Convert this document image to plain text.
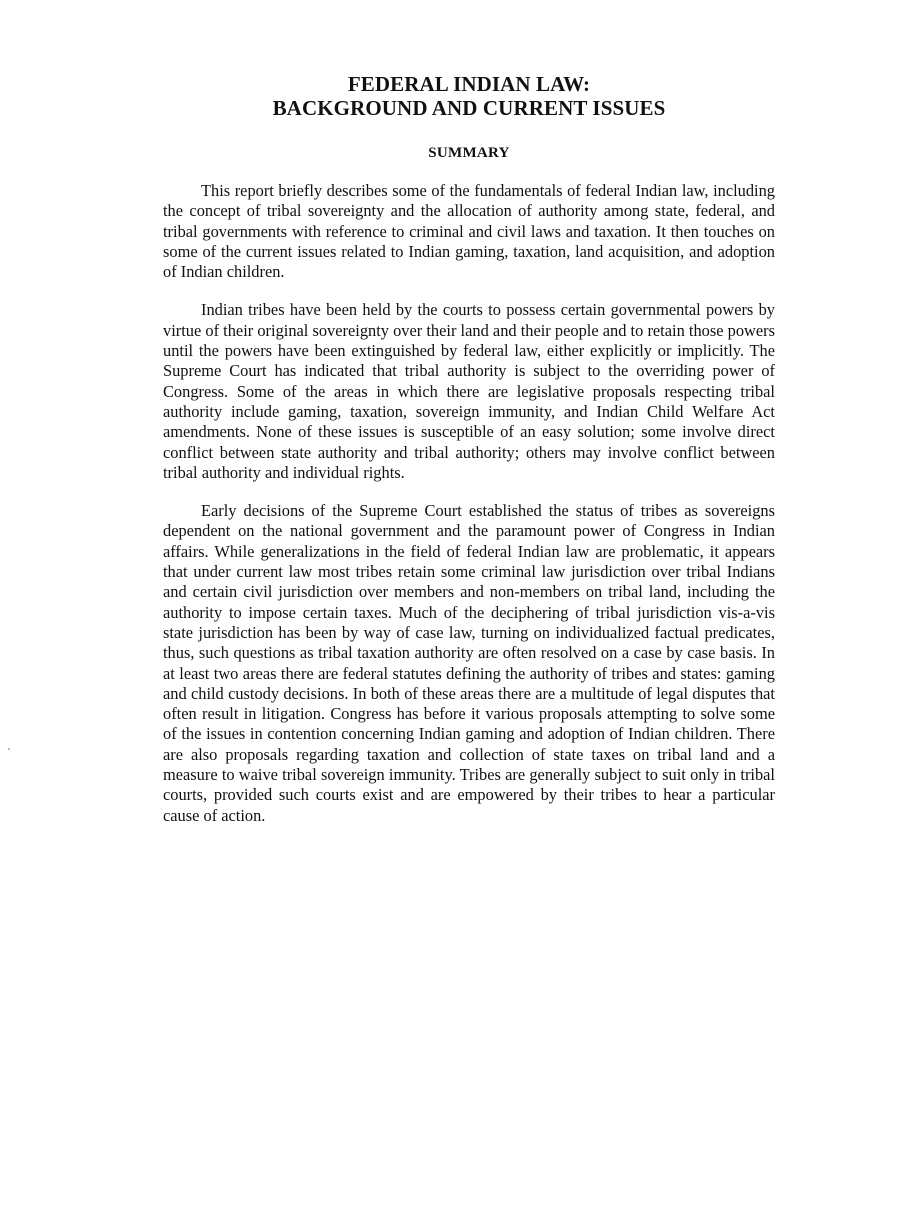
FEDERAL INDIAN LAW:
BACKGROUND AND CURRENT ISSUES
SUMMARY

This report briefly describes some of the fundamentals of federal Indian law, including the concept of tribal sovereignty and the allocation of authority among state, federal, and tribal governments with reference to criminal and civil laws and taxation. It then touches on some of the current issues related to Indian gaming, taxation, land acquisition, and adoption of Indian children.

Indian tribes have been held by the courts to possess certain governmental powers by virtue of their original sovereignty over their land and their people and to retain those powers until the powers have been extinguished by federal law, either explicitly or implicitly. The Supreme Court has indicated that tribal authority is subject to the overriding power of Congress. Some of the areas in which there are legislative proposals respecting tribal authority include gaming, taxation, sovereign immunity, and Indian Child Welfare Act amendments. None of these issues is susceptible of an easy solution; some involve direct conflict between state authority and tribal authority; others may involve conflict between tribal authority and individual rights.

Early decisions of the Supreme Court established the status of tribes as sovereigns dependent on the national government and the paramount power of Congress in Indian affairs. While generalizations in the field of federal Indian law are problematic, it appears that under current law most tribes retain some criminal law jurisdiction over tribal Indians and certain civil jurisdiction over members and non-members on tribal land, including the authority to impose certain taxes. Much of the deciphering of tribal jurisdiction vis-a-vis state jurisdiction has been by way of case law, turning on individualized factual predicates, thus, such questions as tribal taxation authority are often resolved on a case by case basis. In at least two areas there are federal statutes defining the authority of tribes and states: gaming and child custody decisions. In both of these areas there are a multitude of legal disputes that often result in litigation. Congress has before it various proposals attempting to solve some of the issues in contention concerning Indian gaming and adoption of Indian children. There are also proposals regarding taxation and collection of state taxes on tribal land and a measure to waive tribal sovereign immunity. Tribes are generally subject to suit only in tribal courts, provided such courts exist and are empowered by their tribes to hear a particular cause of action.
